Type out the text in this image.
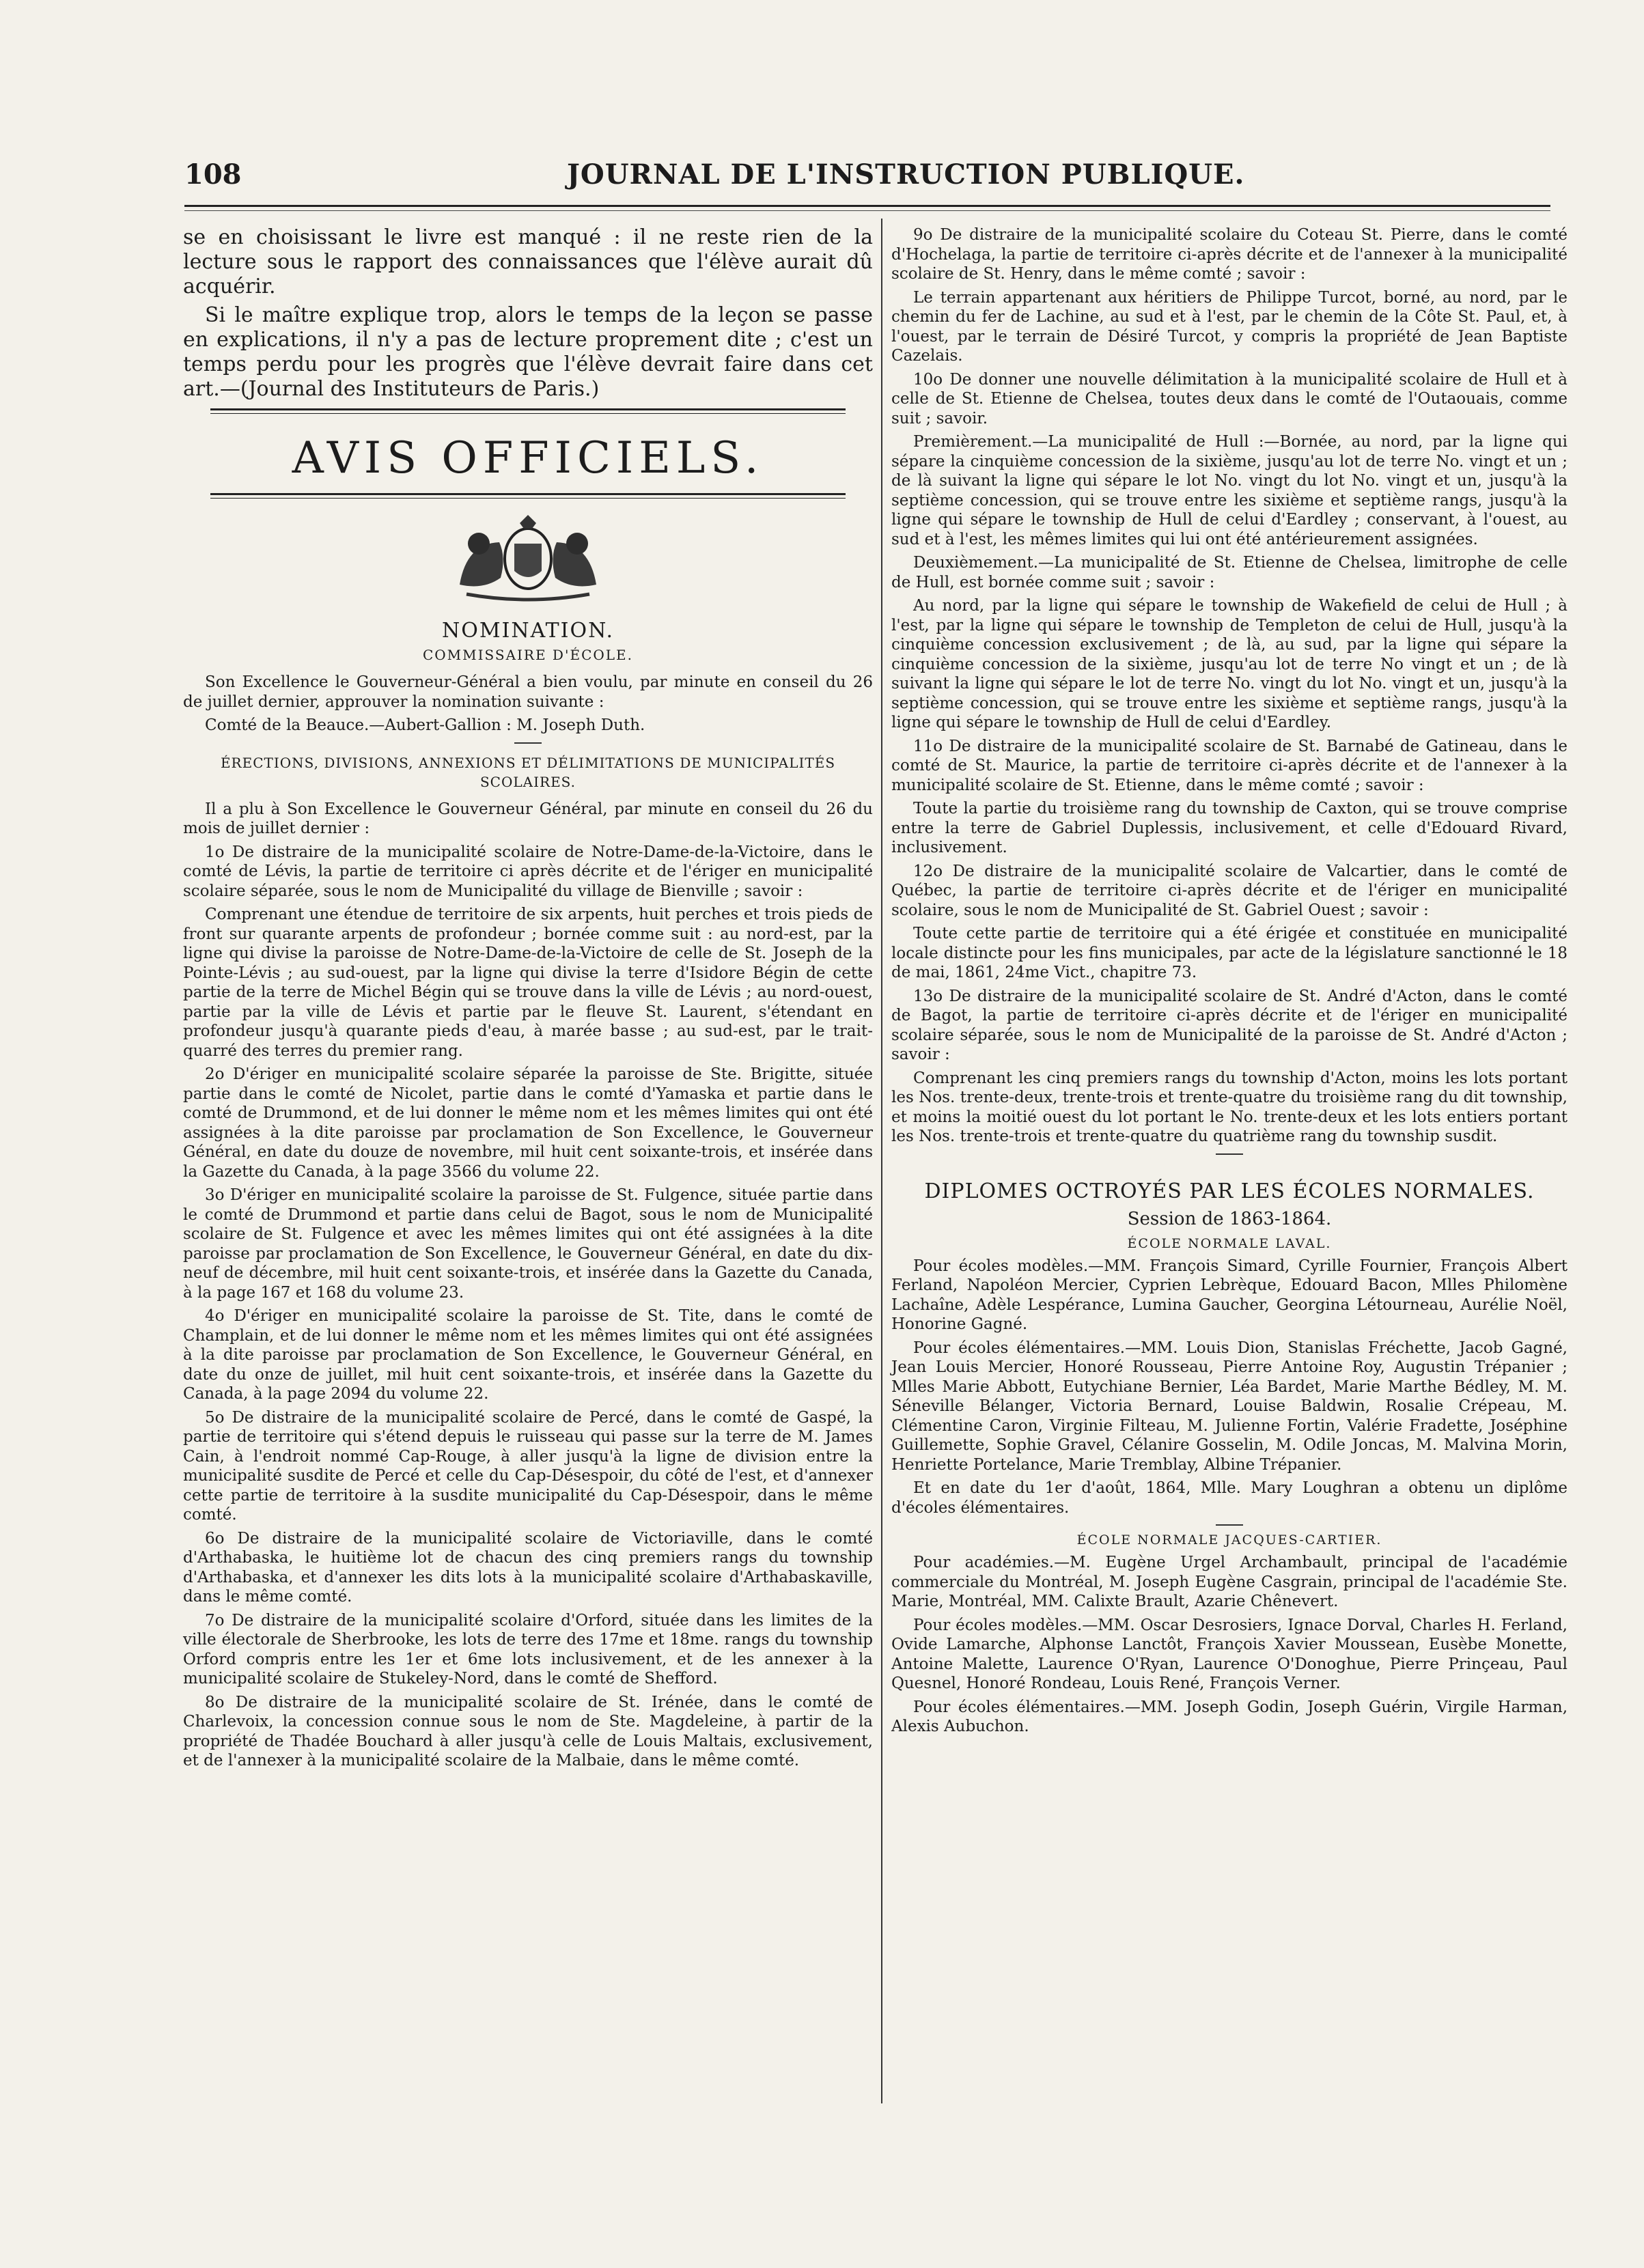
108	JOURNAL DE L'INSTRUCTION PUBLIQUE.

se en choisissant le livre est manqué : il ne reste rien de la lecture sous le rapport des connaissances que l'élève aurait dû acquérir.

Si le maître explique trop, alors le temps de la leçon se passe en explications, il n'y a pas de lecture proprement dite ; c'est un temps perdu pour les progrès que l'élève devrait faire dans cet art.—(Journal des Instituteurs de Paris.)

AVIS OFFICIELS.
NOMINATION.
COMMISSAIRE D'ÉCOLE.

Son Excellence le Gouverneur-Général a bien voulu, par minute en conseil du 26 de juillet dernier, approuver la nomination suivante :

Comté de la Beauce.—Aubert-Gallion : M. Joseph Duth.

ÉRECTIONS, DIVISIONS, ANNEXIONS ET DÉLIMITATIONS DE MUNICIPALITÉS SCOLAIRES.

Il a plu à Son Excellence le Gouverneur Général, par minute en conseil du 26 du mois de juillet dernier :

1o De distraire de la municipalité scolaire de Notre-Dame-de-la-Victoire, dans le comté de Lévis, la partie de territoire ci après décrite et de l'ériger en municipalité scolaire séparée, sous le nom de Municipalité du village de Bienville ; savoir :

Comprenant une étendue de territoire de six arpents, huit perches et trois pieds de front sur quarante arpents de profondeur ; bornée comme suit : au nord-est, par la ligne qui divise la paroisse de Notre-Dame-de-la-Victoire de celle de St. Joseph de la Pointe-Lévis ; au sud-ouest, par la ligne qui divise la terre d'Isidore Bégin de cette partie de la terre de Michel Bégin qui se trouve dans la ville de Lévis ; au nord-ouest, partie par la ville de Lévis et partie par le fleuve St. Laurent, s'étendant en profondeur jusqu'à quarante pieds d'eau, à marée basse ; au sud-est, par le trait-quarré des terres du premier rang.

2o D'ériger en municipalité scolaire séparée la paroisse de Ste. Brigitte, située partie dans le comté de Nicolet, partie dans le comté d'Yamaska et partie dans le comté de Drummond, et de lui donner le même nom et les mêmes limites qui ont été assignées à la dite paroisse par proclamation de Son Excellence, le Gouverneur Général, en date du douze de novembre, mil huit cent soixante-trois, et insérée dans la Gazette du Canada, à la page 3566 du volume 22.

3o D'ériger en municipalité scolaire la paroisse de St. Fulgence, située partie dans le comté de Drummond et partie dans celui de Bagot, sous le nom de Municipalité scolaire de St. Fulgence et avec les mêmes limites qui ont été assignées à la dite paroisse par proclamation de Son Excellence, le Gouverneur Général, en date du dix-neuf de décembre, mil huit cent soixante-trois, et insérée dans la Gazette du Canada, à la page 167 et 168 du volume 23.

4o D'ériger en municipalité scolaire la paroisse de St. Tite, dans le comté de Champlain, et de lui donner le même nom et les mêmes limites qui ont été assignées à la dite paroisse par proclamation de Son Excellence, le Gouverneur Général, en date du onze de juillet, mil huit cent soixante-trois, et insérée dans la Gazette du Canada, à la page 2094 du volume 22.

5o De distraire de la municipalité scolaire de Percé, dans le comté de Gaspé, la partie de territoire qui s'étend depuis le ruisseau qui passe sur la terre de M. James Cain, à l'endroit nommé Cap-Rouge, à aller jusqu'à la ligne de division entre la municipalité susdite de Percé et celle du Cap-Désespoir, du côté de l'est, et d'annexer cette partie de territoire à la susdite municipalité du Cap-Désespoir, dans le même comté.

6o De distraire de la municipalité scolaire de Victoriaville, dans le comté d'Arthabaska, le huitième lot de chacun des cinq premiers rangs du township d'Arthabaska, et d'annexer les dits lots à la municipalité scolaire d'Arthabaskaville, dans le même comté.

7o De distraire de la municipalité scolaire d'Orford, située dans les limites de la ville électorale de Sherbrooke, les lots de terre des 17me et 18me. rangs du township Orford compris entre les 1er et 6me lots inclusivement, et de les annexer à la municipalité scolaire de Stukeley-Nord, dans le comté de Shefford.

8o De distraire de la municipalité scolaire de St. Irénée, dans le comté de Charlevoix, la concession connue sous le nom de Ste. Magdeleine, à partir de la propriété de Thadée Bouchard à aller jusqu'à celle de Louis Maltais, exclusivement, et de l'annexer à la municipalité scolaire de la Malbaie, dans le même comté.

9o De distraire de la municipalité scolaire du Coteau St. Pierre, dans le comté d'Hochelaga, la partie de territoire ci-après décrite et de l'annexer à la municipalité scolaire de St. Henry, dans le même comté ; savoir :

Le terrain appartenant aux héritiers de Philippe Turcot, borné, au nord, par le chemin du fer de Lachine, au sud et à l'est, par le chemin de la Côte St. Paul, et, à l'ouest, par le terrain de Désiré Turcot, y compris la propriété de Jean Baptiste Cazelais.

10o De donner une nouvelle délimitation à la municipalité scolaire de Hull et à celle de St. Etienne de Chelsea, toutes deux dans le comté de l'Outaouais, comme suit ; savoir.

Premièrement.—La municipalité de Hull :—Bornée, au nord, par la ligne qui sépare la cinquième concession de la sixième, jusqu'au lot de terre No. vingt et un ; de là suivant la ligne qui sépare le lot No. vingt du lot No. vingt et un, jusqu'à la septième concession, qui se trouve entre les sixième et septième rangs, jusqu'à la ligne qui sépare le township de Hull de celui d'Eardley ; conservant, à l'ouest, au sud et à l'est, les mêmes limites qui lui ont été antérieurement assignées.

Deuxièmement.—La municipalité de St. Etienne de Chelsea, limitrophe de celle de Hull, est bornée comme suit ; savoir :

Au nord, par la ligne qui sépare le township de Wakefield de celui de Hull ; à l'est, par la ligne qui sépare le township de Templeton de celui de Hull, jusqu'à la cinquième concession exclusivement ; de là, au sud, par la ligne qui sépare la cinquième concession de la sixième, jusqu'au lot de terre No vingt et un ; de là suivant la ligne qui sépare le lot de terre No. vingt du lot No. vingt et un, jusqu'à la septième concession, qui se trouve entre les sixième et septième rangs, jusqu'à la ligne qui sépare le township de Hull de celui d'Eardley.

11o De distraire de la municipalité scolaire de St. Barnabé de Gatineau, dans le comté de St. Maurice, la partie de territoire ci-après décrite et de l'annexer à la municipalité scolaire de St. Etienne, dans le même comté ; savoir :

Toute la partie du troisième rang du township de Caxton, qui se trouve comprise entre la terre de Gabriel Duplessis, inclusivement, et celle d'Edouard Rivard, inclusivement.

12o De distraire de la municipalité scolaire de Valcartier, dans le comté de Québec, la partie de territoire ci-après décrite et de l'ériger en municipalité scolaire, sous le nom de Municipalité de St. Gabriel Ouest ; savoir :

Toute cette partie de territoire qui a été érigée et constituée en municipalité locale distincte pour les fins municipales, par acte de la législature sanctionné le 18 de mai, 1861, 24me Vict., chapitre 73.

13o De distraire de la municipalité scolaire de St. André d'Acton, dans le comté de Bagot, la partie de territoire ci-après décrite et de l'ériger en municipalité scolaire séparée, sous le nom de Municipalité de la paroisse de St. André d'Acton ; savoir :

Comprenant les cinq premiers rangs du township d'Acton, moins les lots portant les Nos. trente-deux, trente-trois et trente-quatre du troisième rang du dit township, et moins la moitié ouest du lot portant le No. trente-deux et les lots entiers portant les Nos. trente-trois et trente-quatre du quatrième rang du township susdit.

DIPLOMES OCTROYÉS PAR LES ÉCOLES NORMALES.
Session de 1863-1864.
ÉCOLE NORMALE LAVAL.

Pour écoles modèles.—MM. François Simard, Cyrille Fournier, François Albert Ferland, Napoléon Mercier, Cyprien Lebrèque, Edouard Bacon, Mlles Philomène Lachaîne, Adèle Lespérance, Lumina Gaucher, Georgina Létourneau, Aurélie Noël, Honorine Gagné.

Pour écoles élémentaires.—MM. Louis Dion, Stanislas Fréchette, Jacob Gagné, Jean Louis Mercier, Honoré Rousseau, Pierre Antoine Roy, Augustin Trépanier ; Mlles Marie Abbott, Eutychiane Bernier, Léa Bardet, Marie Marthe Bédley, M. M. Séneville Bélanger, Victoria Bernard, Louise Baldwin, Rosalie Crépeau, M. Clémentine Caron, Virginie Filteau, M. Julienne Fortin, Valérie Fradette, Joséphine Guillemette, Sophie Gravel, Célanire Gosselin, M. Odile Joncas, M. Malvina Morin, Henriette Portelance, Marie Tremblay, Albine Trépanier.

Et en date du 1er d'août, 1864, Mlle. Mary Loughran a obtenu un diplôme d'écoles élémentaires.

ÉCOLE NORMALE JACQUES-CARTIER.

Pour académies.—M. Eugène Urgel Archambault, principal de l'académie commerciale du Montréal, M. Joseph Eugène Casgrain, principal de l'académie Ste. Marie, Montréal, MM. Calixte Brault, Azarie Chênevert.

Pour écoles modèles.—MM. Oscar Desrosiers, Ignace Dorval, Charles H. Ferland, Ovide Lamarche, Alphonse Lanctôt, François Xavier Moussean, Eusèbe Monette, Antoine Malette, Laurence O'Ryan, Laurence O'Donoghue, Pierre Prinçeau, Paul Quesnel, Honoré Rondeau, Louis René, François Verner.

Pour écoles élémentaires.—MM. Joseph Godin, Joseph Guérin, Virgile Harman, Alexis Aubuchon.
